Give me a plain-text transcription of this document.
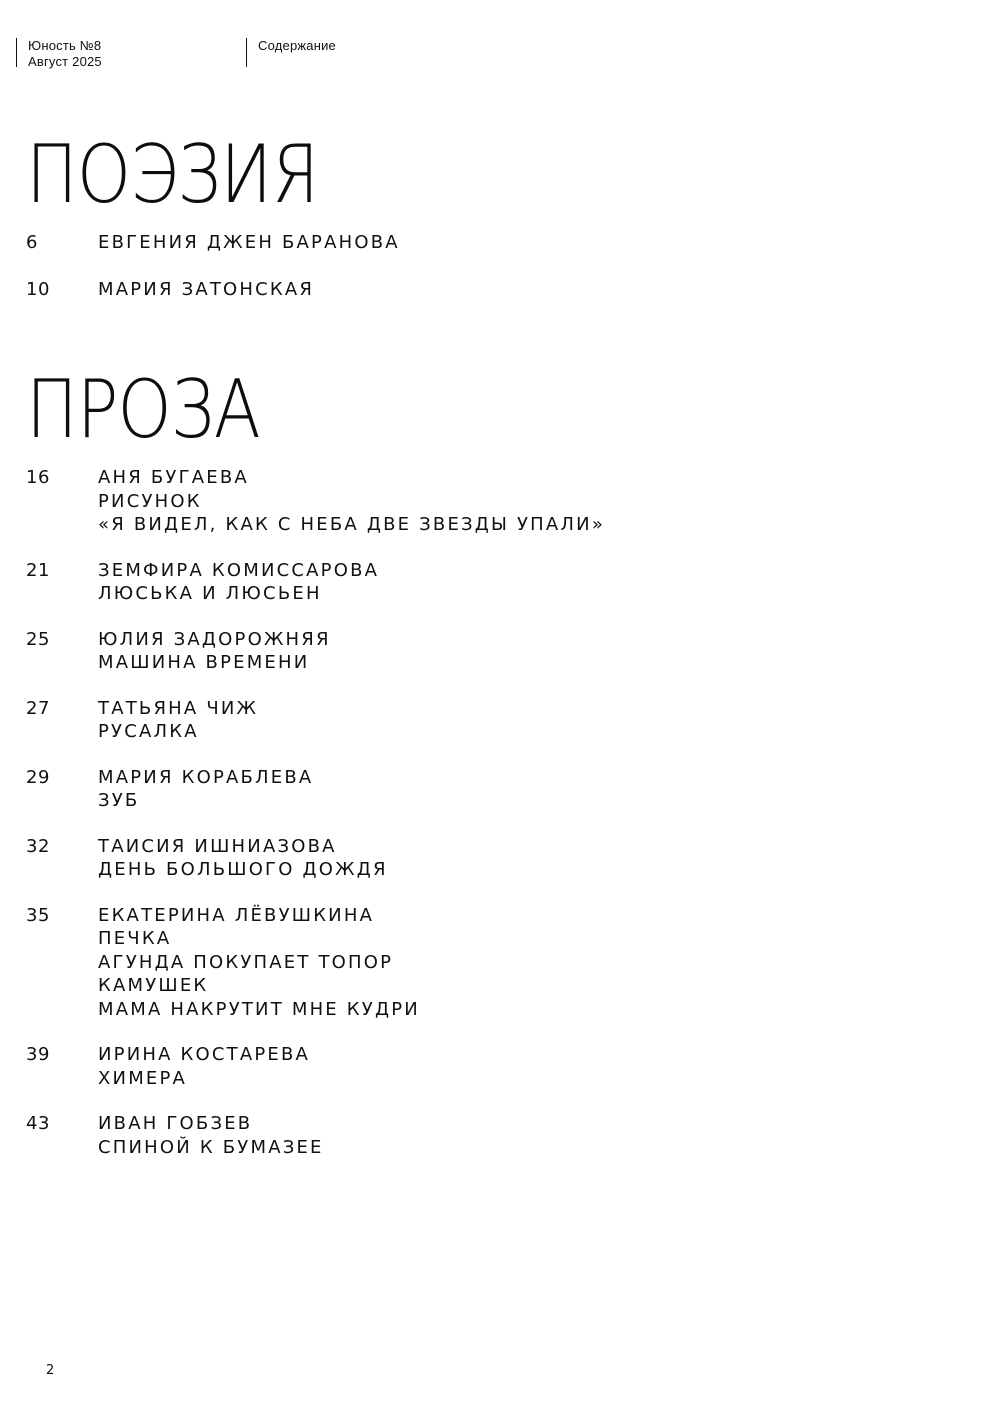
Юность №8
Август 2025
Содержание
ПОЭЗИЯ
6	ЕВГЕНИЯ ДЖЕН БАРАНОВА
10	МАРИЯ ЗАТОНСКАЯ
ПРОЗА
16	АНЯ БУГАЕВА
РИСУНОК
«Я ВИДЕЛ, КАК С НЕБА ДВЕ ЗВЕЗДЫ УПАЛИ»
21	ЗЕМФИРА КОМИССАРОВА
ЛЮСЬКА И ЛЮСЬЕН
25	ЮЛИЯ ЗАДОРОЖНЯЯ
МАШИНА ВРЕМЕНИ
27	ТАТЬЯНА ЧИЖ
РУСАЛКА
29	МАРИЯ КОРАБЛЕВА
ЗУБ
32	ТАИСИЯ ИШНИАЗОВА
ДЕНЬ БОЛЬШОГО ДОЖДЯ
35	ЕКАТЕРИНА ЛЁВУШКИНА
ПЕЧКА
АГУНДА ПОКУПАЕТ ТОПОР
КАМУШЕК
МАМА НАКРУТИТ МНЕ КУДРИ
39	ИРИНА КОСТАРЕВА
ХИМЕРА
43	ИВАН ГОБЗЕВ
СПИНОЙ К БУМАЗЕЕ
2
